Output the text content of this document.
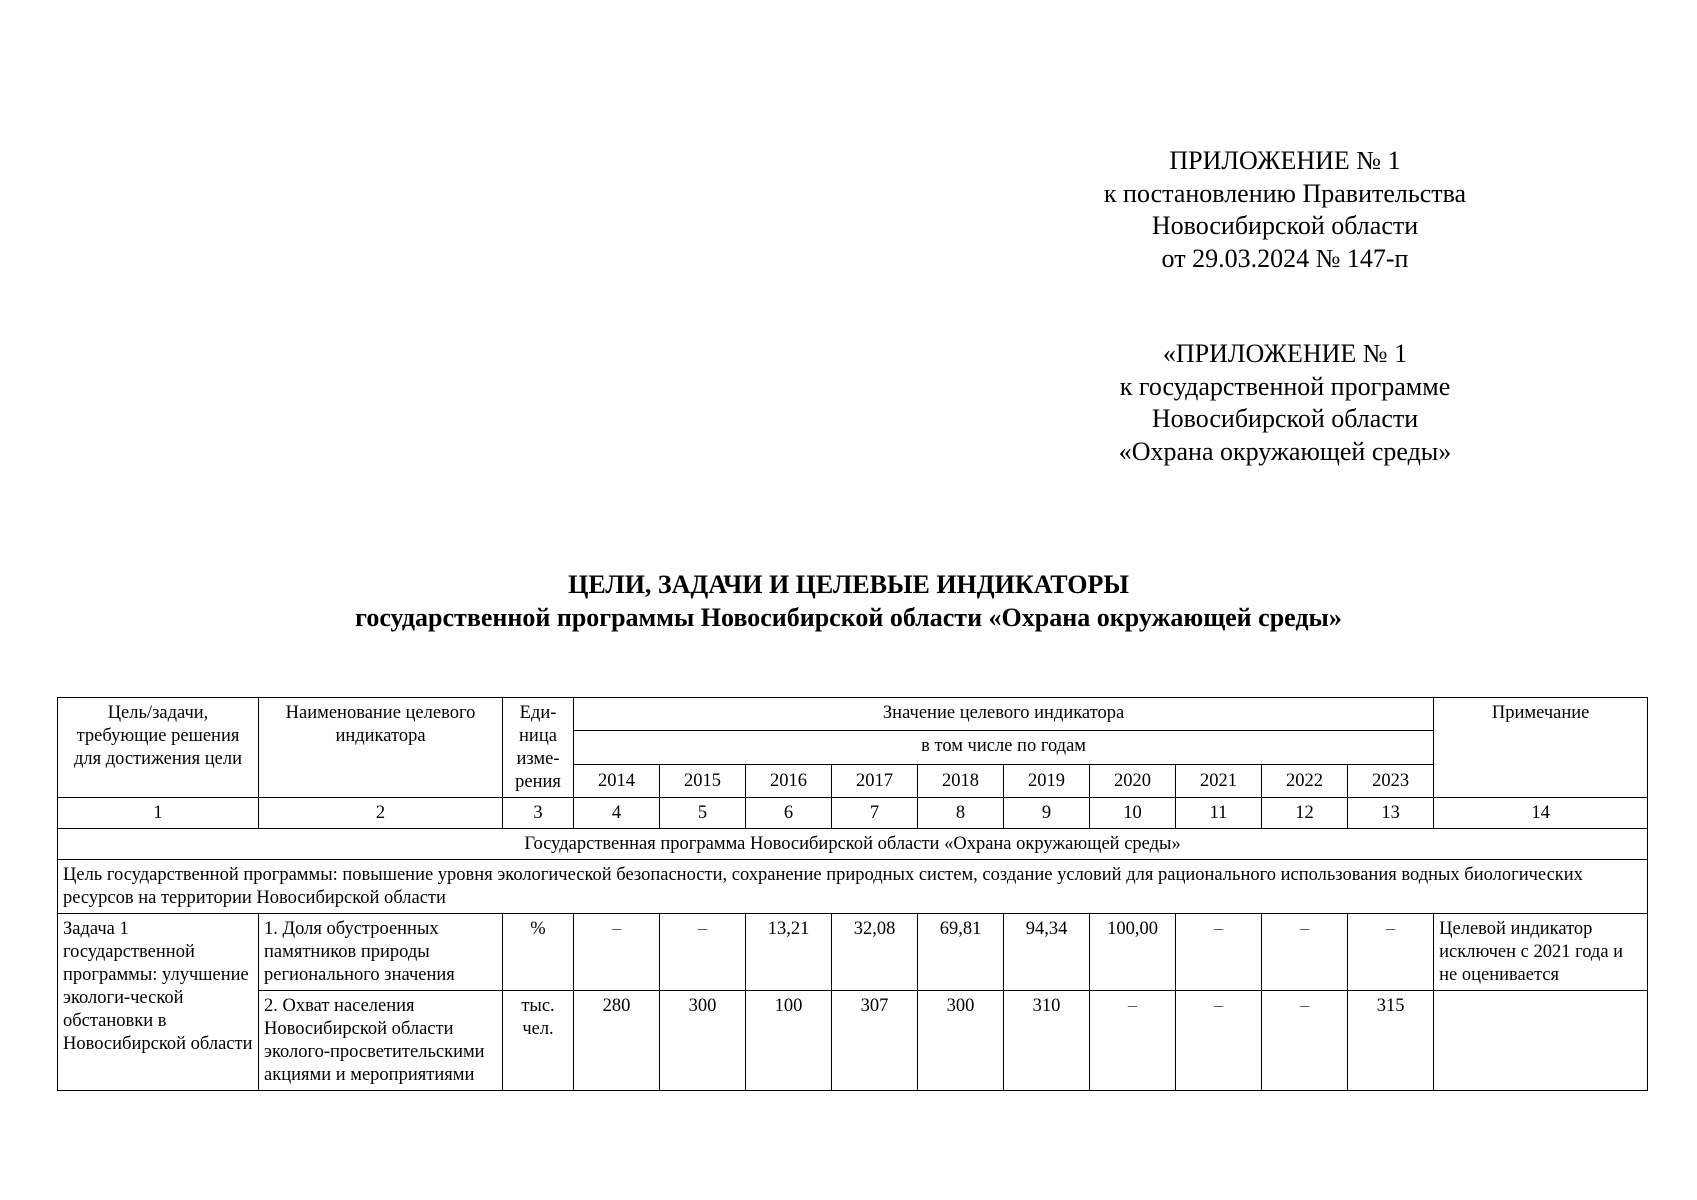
ПРИЛОЖЕНИЕ № 1
к постановлению Правительства
Новосибирской области
от 29.03.2024 № 147-п
«ПРИЛОЖЕНИЕ № 1
к государственной программе
Новосибирской области
«Охрана окружающей среды»
ЦЕЛИ, ЗАДАЧИ И ЦЕЛЕВЫЕ ИНДИКАТОРЫ
государственной программы Новосибирской области «Охрана окружающей среды»
Цель/задачи, требующие решения для достижения цели	Наименование целевого индикатора	Еди-ница изме-рения	Значение целевого индикатора										Примечание
			в том числе по годам										
			2014	2015	2016	2017	2018	2019	2020	2021	2022	2023	
1	2	3	4	5	6	7	8	9	10	11	12	13	14
Государственная программа Новосибирской области «Охрана окружающей среды»													
Цель государственной программы: повышение уровня экологической безопасности, сохранение природных систем, создание условий для рационального использования водных биологических ресурсов на территории Новосибирской области													
Задача 1 государственной программы: улучшение экологи-ческой обстановки в Новосибирской области	1. Доля обустроенных памятников природы регионального значения	%	–	–	13,21	32,08	69,81	94,34	100,00	–	–	–	Целевой индикатор исключен с 2021 года и не оценивается
	2. Охват населения Новосибирской области эколого-просветительскими акциями и мероприятиями	тыс. чел.	280	300	100	307	300	310	–	–	–	315	
